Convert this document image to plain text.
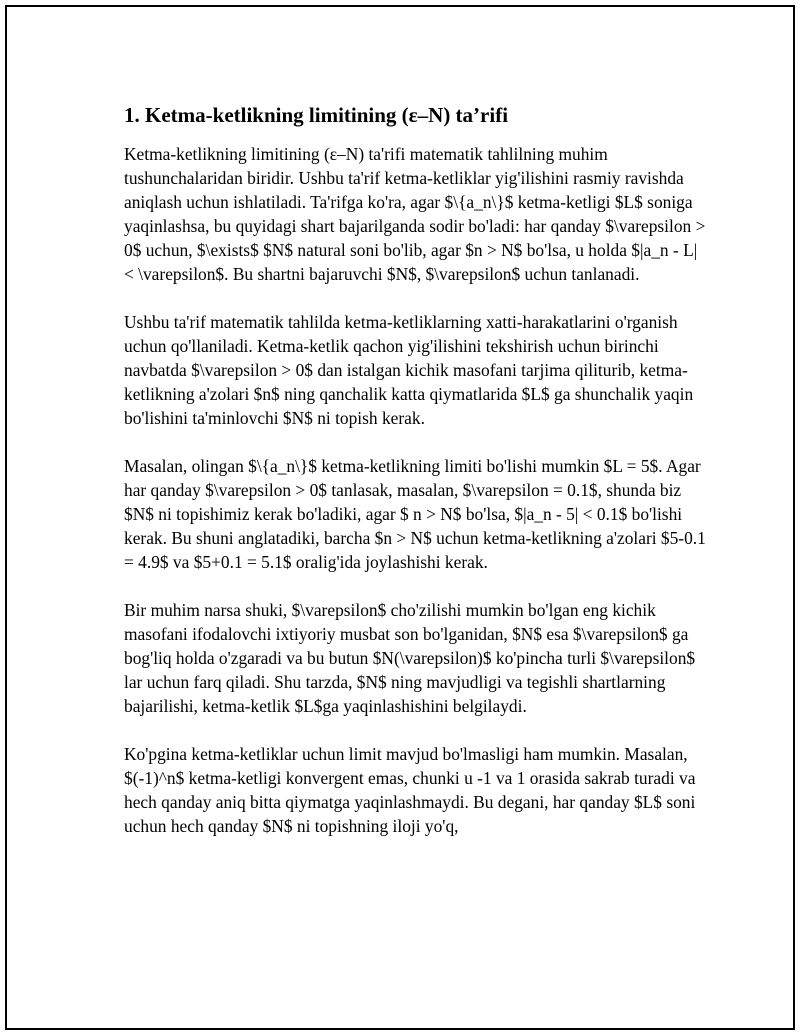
1. Ketma-ketlikning limitining (ε–N) ta’rifi

Ketma-ketlikning limitining (ε–N) ta'rifi matematik tahlilning muhim tushunchalaridan biridir. Ushbu ta'rif ketma-ketliklar yig'ilishini rasmiy ravishda aniqlash uchun ishlatiladi. Ta'rifga ko'ra, agar $\{a_n\}$ ketma-ketligi $L$ soniga yaqinlashsa, bu quyidagi shart bajarilganda sodir bo'ladi: har qanday $\varepsilon > 0$ uchun, $\exists$ $N$ natural soni bo'lib, agar $n > N$ bo'lsa, u holda $|a_n - L| < \varepsilon$. Bu shartni bajaruvchi $N$, $\varepsilon$ uchun tanlanadi.

Ushbu ta'rif matematik tahlilda ketma-ketliklarning xatti-harakatlarini o'rganish uchun qo'llaniladi. Ketma-ketlik qachon yig'ilishini tekshirish uchun birinchi navbatda $\varepsilon > 0$ dan istalgan kichik masofani tarjima qiliturib, ketma-ketlikning a'zolari $n$ ning qanchalik katta qiymatlarida $L$ ga shunchalik yaqin bo'lishini ta'minlovchi $N$ ni topish kerak.

Masalan, olingan $\{a_n\}$ ketma-ketlikning limiti bo'lishi mumkin $L = 5$. Agar har qanday $\varepsilon > 0$ tanlasak, masalan, $\varepsilon = 0.1$, shunda biz $N$ ni topishimiz kerak bo'ladiki, agar $ n > N$ bo'lsa, $|a_n - 5| < 0.1$ bo'lishi kerak. Bu shuni anglatadiki, barcha $n > N$ uchun ketma-ketlikning a'zolari $5-0.1 = 4.9$ va $5+0.1 = 5.1$ oralig'ida joylashishi kerak.

Bir muhim narsa shuki, $\varepsilon$ cho'zilishi mumkin bo'lgan eng kichik masofani ifodalovchi ixtiyoriy musbat son bo'lganidan, $N$ esa $\varepsilon$ ga bog'liq holda o'zgaradi va bu butun $N(\varepsilon)$ ko'pincha turli $\varepsilon$ lar uchun farq qiladi. Shu tarzda, $N$ ning mavjudligi va tegishli shartlarning bajarilishi, ketma-ketlik $L$ga yaqinlashishini belgilaydi.

Ko'pgina ketma-ketliklar uchun limit mavjud bo'lmasligi ham mumkin. Masalan, $(-1)^n$ ketma-ketligi konvergent emas, chunki u -1 va 1 orasida sakrab turadi va hech qanday aniq bitta qiymatga yaqinlashmaydi. Bu degani, har qanday $L$ soni uchun hech qanday $N$ ni topishning iloji yo'q,
